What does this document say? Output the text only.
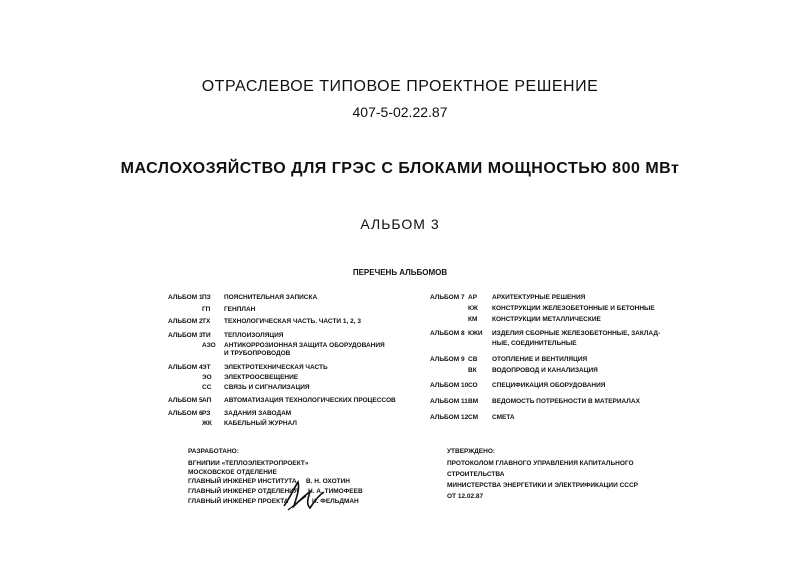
ОТРАСЛЕВОЕ ТИПОВОЕ ПРОЕКТНОЕ РЕШЕНИЕ
407-5-02.22.87
МАСЛОХОЗЯЙСТВО ДЛЯ ГРЭС С БЛОКАМИ МОЩНОСТЬЮ 800 МВт
АЛЬБОМ 3
ПЕРЕЧЕНЬ АЛЬБОМОВ
АЛЬБОМ 1 ПЗ	ПОЯСНИТЕЛЬНАЯ ЗАПИСКА
ГП	ГЕНПЛАН
АЛЬБОМ 2 ТХ	ТЕХНОЛОГИЧЕСКАЯ ЧАСТЬ. ЧАСТИ 1, 2, 3
АЛЬБОМ 3 ТИ	ТЕПЛОИЗОЛЯЦИЯ
АЗО	АНТИКОРРОЗИОННАЯ ЗАЩИТА ОБОРУДОВАНИЯ
И ТРУБОПРОВОДОВ
АЛЬБОМ 4 ЭТ	ЭЛЕКТРОТЕХНИЧЕСКАЯ ЧАСТЬ
ЭО	ЭЛЕКТРООСВЕЩЕНИЕ
СС	СВЯЗЬ И СИГНАЛИЗАЦИЯ
АЛЬБОМ 5 АП	АВТОМАТИЗАЦИЯ ТЕХНОЛОГИЧЕСКИХ ПРОЦЕССОВ
АЛЬБОМ 6 РЗ	ЗАДАНИЯ ЗАВОДАМ
ЖК	КАБЕЛЬНЫЙ ЖУРНАЛ
АЛЬБОМ 7 АР	АРХИТЕКТУРНЫЕ РЕШЕНИЯ
КЖ	КОНСТРУКЦИИ ЖЕЛЕЗОБЕТОННЫЕ И БЕТОННЫЕ
КМ	КОНСТРУКЦИИ МЕТАЛЛИЧЕСКИЕ
АЛЬБОМ 8 КЖИ	ИЗДЕЛИЯ СБОРНЫЕ ЖЕЛЕЗОБЕТОННЫЕ, ЗАКЛАД-
НЫЕ, СОЕДИНИТЕЛЬНЫЕ
АЛЬБОМ 9 СВ	ОТОПЛЕНИЕ И ВЕНТИЛЯЦИЯ
ВК	ВОДОПРОВОД И КАНАЛИЗАЦИЯ
АЛЬБОМ 10 СО	СПЕЦИФИКАЦИЯ ОБОРУДОВАНИЯ
АЛЬБОМ 11 ВМ	ВЕДОМОСТЬ ПОТРЕБНОСТИ В МАТЕРИАЛАХ
АЛЬБОМ 12 СМ	СМЕТА
РАЗРАБОТАНО:
ВГНИПИИ «ТЕПЛОЭЛЕКТРОПРОЕКТ»
МОСКОВСКОЕ ОТДЕЛЕНИЕ
ГЛАВНЫЙ ИНЖЕНЕР ИНСТИТУТА В. Н. ОХОТИН
ГЛАВНЫЙ ИНЖЕНЕР ОТДЕЛЕНИЯ Н. А. ТИМОФЕЕВ
ГЛАВНЫЙ ИНЖЕНЕР ПРОЕКТА	И. ФЕЛЬДМАН
УТВЕРЖДЕНО:
ПРОТОКОЛОМ ГЛАВНОГО УПРАВЛЕНИЯ КАПИТАЛЬНОГО
СТРОИТЕЛЬСТВА
МИНИСТЕРСТВА ЭНЕРГЕТИКИ И ЭЛЕКТРИФИКАЦИИ СССР
ОТ 12.02.87
